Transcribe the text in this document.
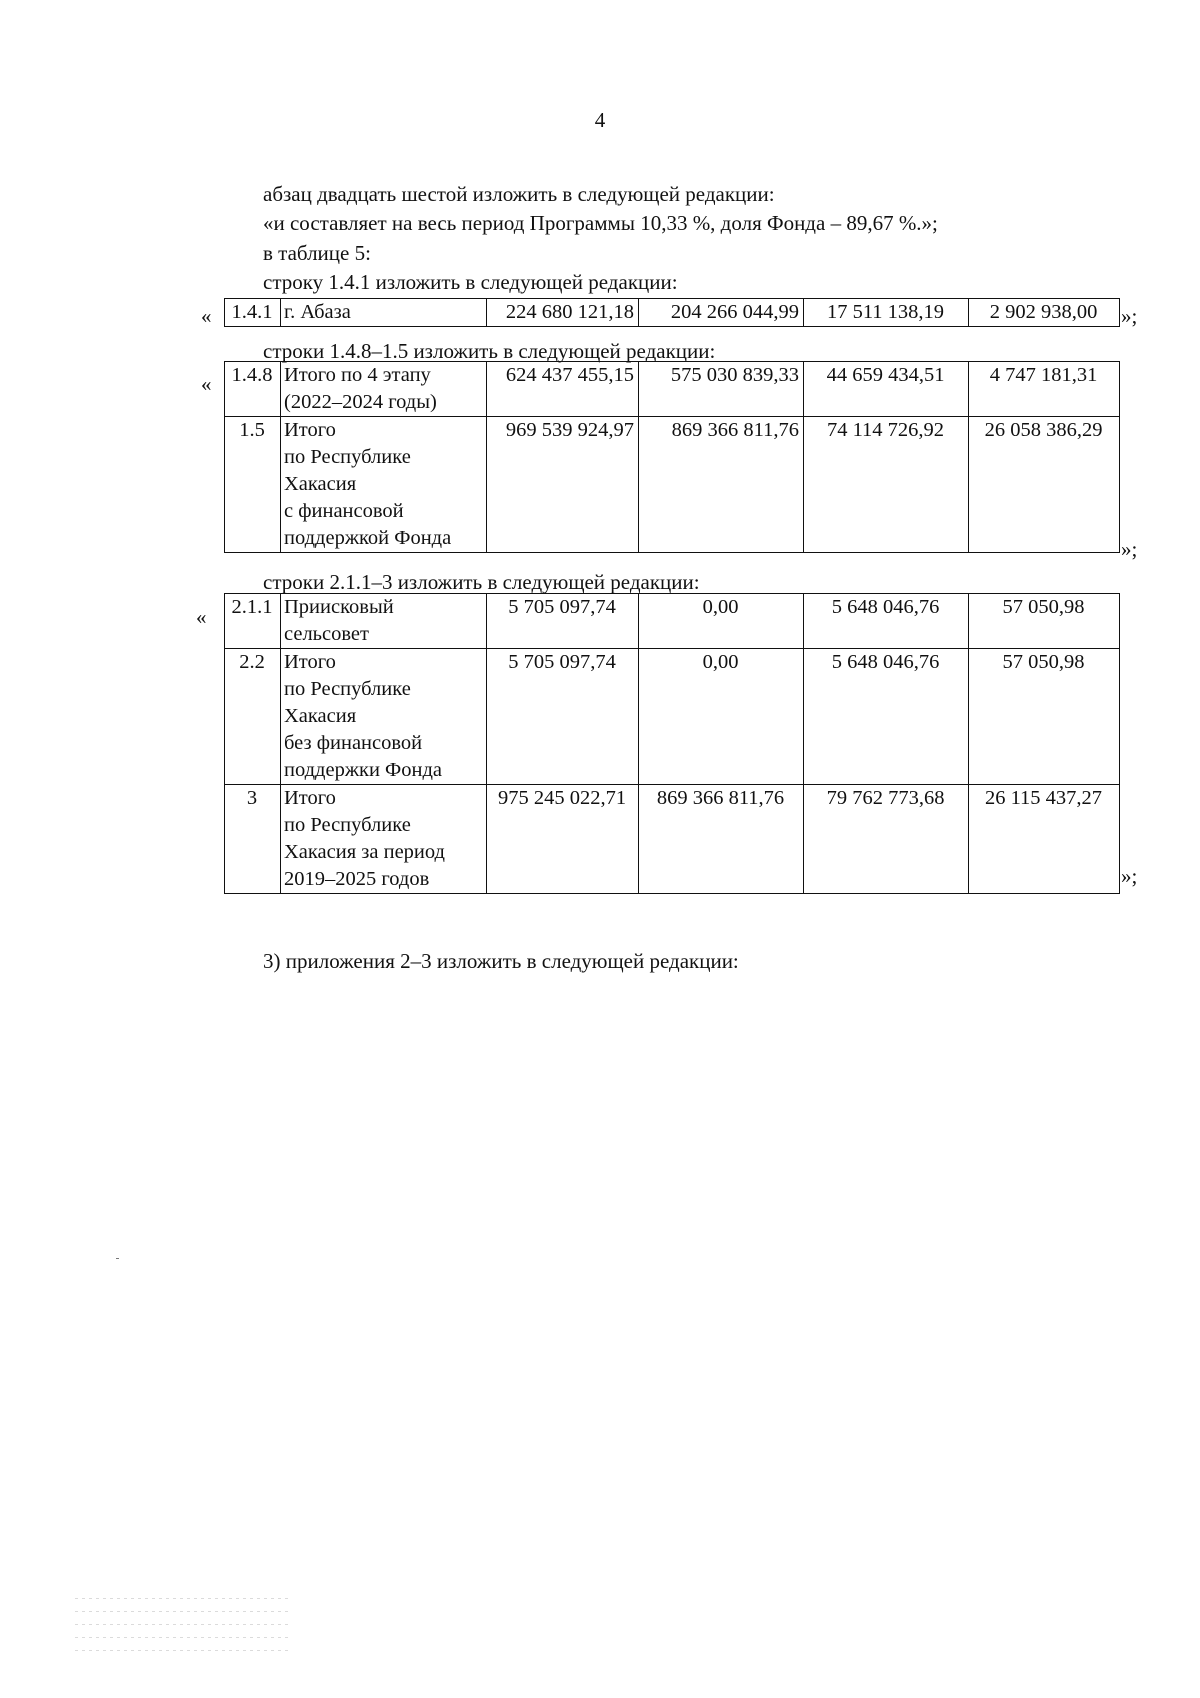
4
абзац двадцать шестой изложить в следующей редакции:
«и составляет на весь период Программы 10,33 %, доля Фонда – 89,67 %.»;
в таблице 5:
строку 1.4.1 изложить в следующей редакции:
« 1.4.1	г. Абаза	224 680 121,18	204 266 044,99	17 511 138,19	2 902 938,00 »;
строки 1.4.8–1.5 изложить в следующей редакции:
« 1.4.8	Итого по 4 этапу
(2022–2024 годы)	624 437 455,15	575 030 839,33	44 659 434,51	4 747 181,31
1.5	Итого
по Республике
Хакасия
с финансовой
поддержкой Фонда	969 539 924,97	869 366 811,76	74 114 726,92	26 058 386,29
»;
строки 2.1.1–3 изложить в следующей редакции:
« 2.1.1	Приисковый
сельсовет	5 705 097,74	0,00	5 648 046,76	57 050,98
2.2	Итого
по Республике
Хакасия
без финансовой
поддержки Фонда	5 705 097,74	0,00	5 648 046,76	57 050,98
3	Итого
по Республике
Хакасия за период
2019–2025 годов	975 245 022,71	869 366 811,76	79 762 773,68	26 115 437,27
»;
3) приложения 2–3 изложить в следующей редакции:
